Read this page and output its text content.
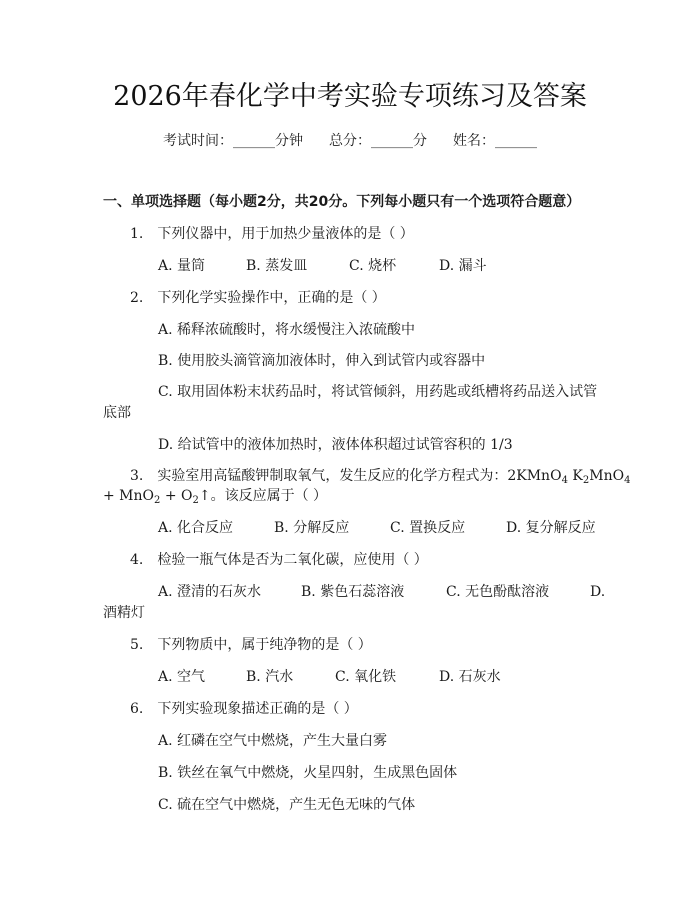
2026年春化学中考实验专项练习及答案
考试时间：______分钟 总分：______分 姓名：______
一、单项选择题（每小题2分，共20分。下列每小题只有一个选项符合题意）
1.　下列仪器中，用于加热少量液体的是（ ）
A. 量筒	B. 蒸发皿	C. 烧杯	D. 漏斗
2.　下列化学实验操作中，正确的是（ ）
A. 稀释浓硫酸时，将水缓慢注入浓硫酸中
B. 使用胶头滴管滴加液体时，伸入到试管内或容器中
C. 取用固体粉末状药品时，将试管倾斜，用药匙或纸槽将药品送入试管
底部
D. 给试管中的液体加热时，液体体积超过试管容积的 1/3
3.　实验室用高锰酸钾制取氧气，发生反应的化学方程式为：2KMnO$_4$ $K_2MnO_4$
+ $MnO_2 + O_2↑$。该反应属于（ ）
A. 化合反应	B. 分解反应	C. 置换反应	D. 复分解反应
4.　检验一瓶气体是否为二氧化碳，应使用（ ）
A. 澄清的石灰水	B. 紫色石蕊溶液	C. 无色酚酞溶液	D.
酒精灯
5.　下列物质中，属于纯净物的是（ ）
A. 空气	B. 汽水	C. 氧化铁	D. 石灰水
6.　下列实验现象描述正确的是（ ）
A. 红磷在空气中燃烧，产生大量白雾
B. 铁丝在氧气中燃烧，火星四射，生成黑色固体
C. 硫在空气中燃烧，产生无色无味的气体
